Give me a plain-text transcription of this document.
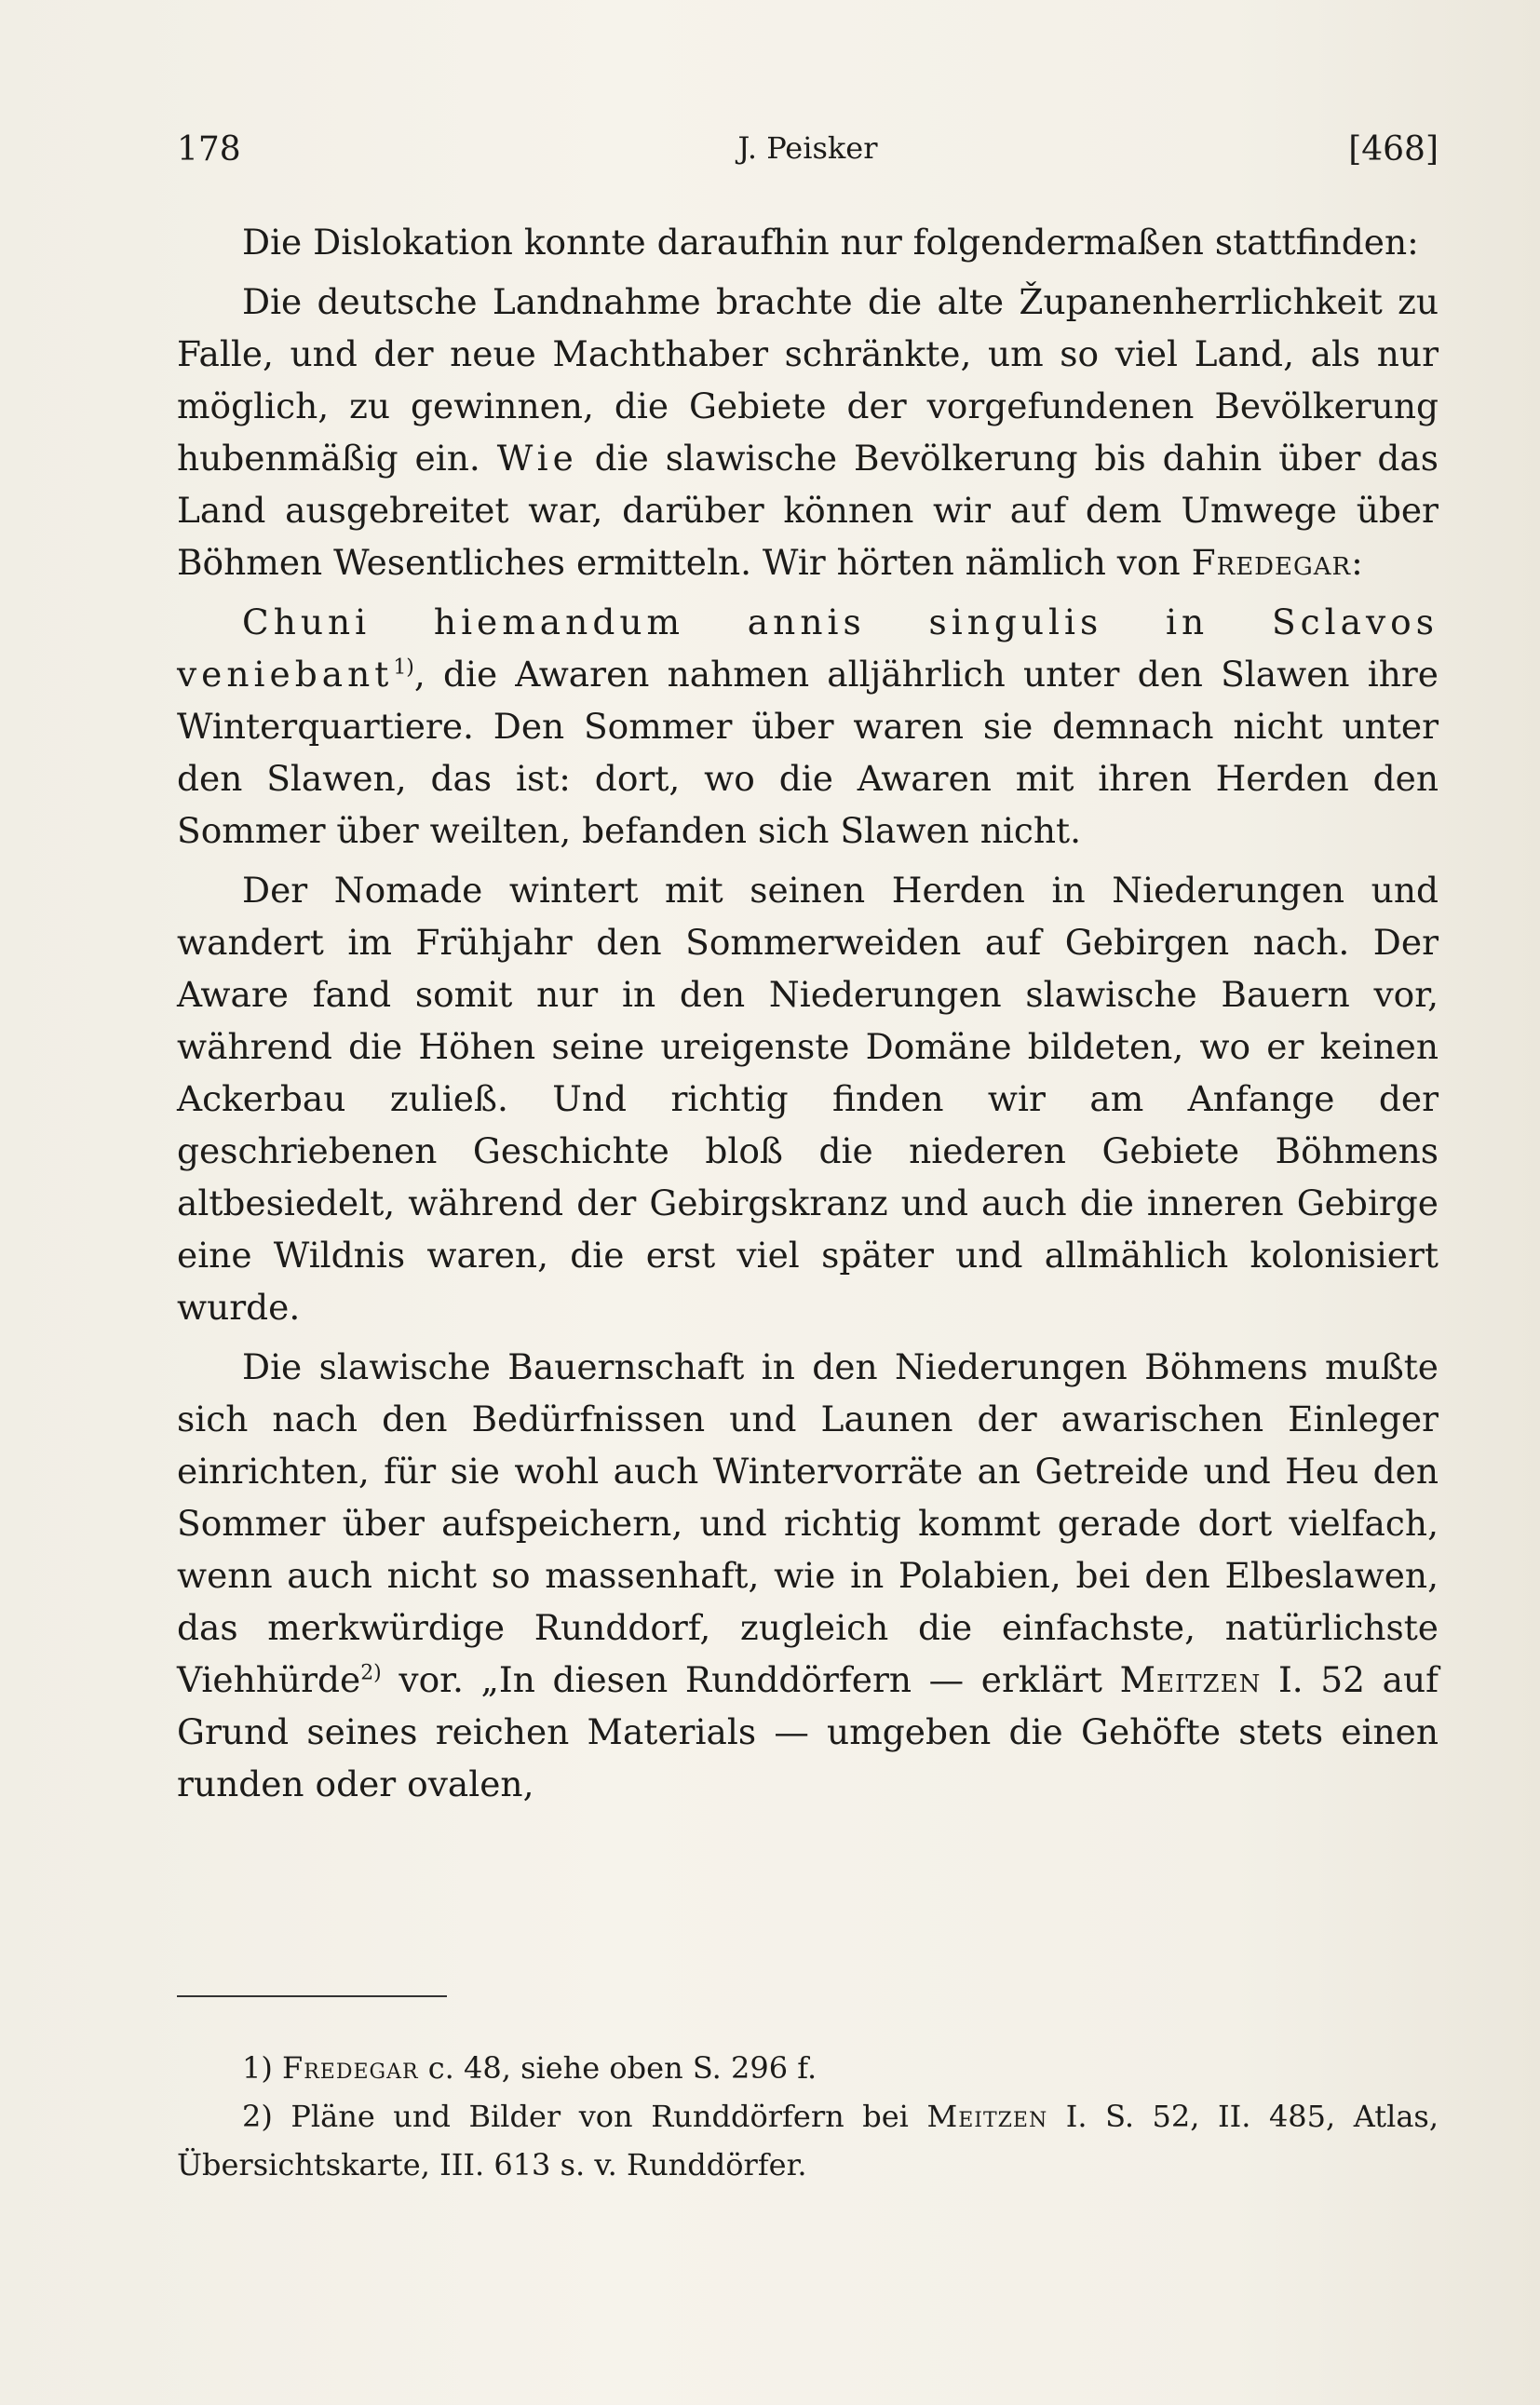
178	J. Peisker	[468]

Die Dislokation konnte daraufhin nur folgendermaßen stattfinden:

Die deutsche Landnahme brachte die alte Županenherrlichkeit zu Falle, und der neue Machthaber schränkte, um so viel Land, als nur möglich, zu gewinnen, die Gebiete der vorgefundenen Bevölkerung hubenmäßig ein. Wie die slawische Bevölkerung bis dahin über das Land ausgebreitet war, darüber können wir auf dem Umwege über Böhmen Wesentliches ermitteln. Wir hörten nämlich von Fredegar:

Chuni hiemandum annis singulis in Sclavos veniebant$^{1)}$, die Awaren nahmen alljährlich unter den Slawen ihre Winterquartiere. Den Sommer über waren sie demnach nicht unter den Slawen, das ist: dort, wo die Awaren mit ihren Herden den Sommer über weilten, befanden sich Slawen nicht.

Der Nomade wintert mit seinen Herden in Niederungen und wandert im Frühjahr den Sommerweiden auf Gebirgen nach. Der Aware fand somit nur in den Niederungen slawische Bauern vor, während die Höhen seine ureigenste Domäne bildeten, wo er keinen Ackerbau zuließ. Und richtig finden wir am Anfange der geschriebenen Geschichte bloß die niederen Gebiete Böhmens altbesiedelt, während der Gebirgskranz und auch die inneren Gebirge eine Wildnis waren, die erst viel später und allmählich kolonisiert wurde.

Die slawische Bauernschaft in den Niederungen Böhmens mußte sich nach den Bedürfnissen und Launen der awarischen Einleger einrichten, für sie wohl auch Wintervorräte an Getreide und Heu den Sommer über aufspeichern, und richtig kommt gerade dort vielfach, wenn auch nicht so massenhaft, wie in Polabien, bei den Elbeslawen, das merkwürdige Runddorf, zugleich die einfachste, natürlichste Viehhürde$^{2)}$ vor. „In diesen Runddörfern — erklärt Meitzen I. 52 auf Grund seines reichen Materials — umgeben die Gehöfte stets einen runden oder ovalen,

1) Fredegar c. 48, siehe oben S. 296 f.

2) Pläne und Bilder von Runddörfern bei Meitzen I. S. 52, II. 485, Atlas, Übersichtskarte, III. 613 s. v. Runddörfer.
